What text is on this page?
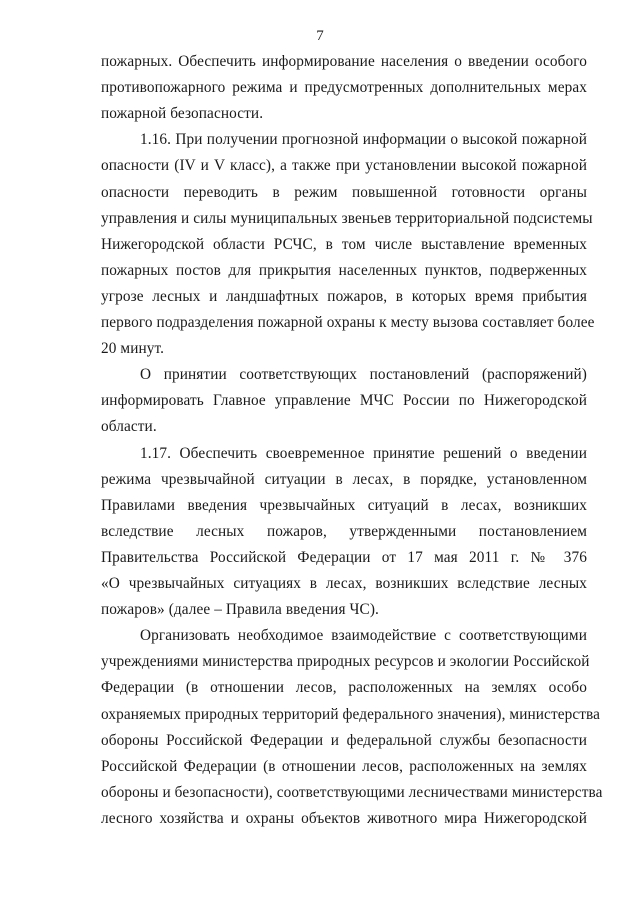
7
пожарных. Обеспечить информирование населения о введении особого
противопожарного режима и предусмотренных дополнительных мерах
пожарной безопасности.
1.16. При получении прогнозной информации о высокой пожарной
опасности (IV и V класс), а также при установлении высокой пожарной
опасности переводить в режим повышенной готовности органы
управления и силы муниципальных звеньев территориальной подсистемы
Нижегородской области РСЧС, в том числе выставление временных
пожарных постов для прикрытия населенных пунктов, подверженных
угрозе лесных и ландшафтных пожаров, в которых время прибытия
первого подразделения пожарной охраны к месту вызова составляет более
20 минут.
О принятии соответствующих постановлений (распоряжений)
информировать Главное управление МЧС России по Нижегородской
области.
1.17. Обеспечить своевременное принятие решений о введении
режима чрезвычайной ситуации в лесах, в порядке, установленном
Правилами введения чрезвычайных ситуаций в лесах, возникших
вследствие лесных пожаров, утвержденными постановлением
Правительства Российской Федерации от 17 мая 2011 г. № 376
«О чрезвычайных ситуациях в лесах, возникших вследствие лесных
пожаров» (далее – Правила введения ЧС).
Организовать необходимое взаимодействие с соответствующими
учреждениями министерства природных ресурсов и экологии Российской
Федерации (в отношении лесов, расположенных на землях особо
охраняемых природных территорий федерального значения), министерства
обороны Российской Федерации и федеральной службы безопасности
Российской Федерации (в отношении лесов, расположенных на землях
обороны и безопасности), соответствующими лесничествами министерства
лесного хозяйства и охраны объектов животного мира Нижегородской
